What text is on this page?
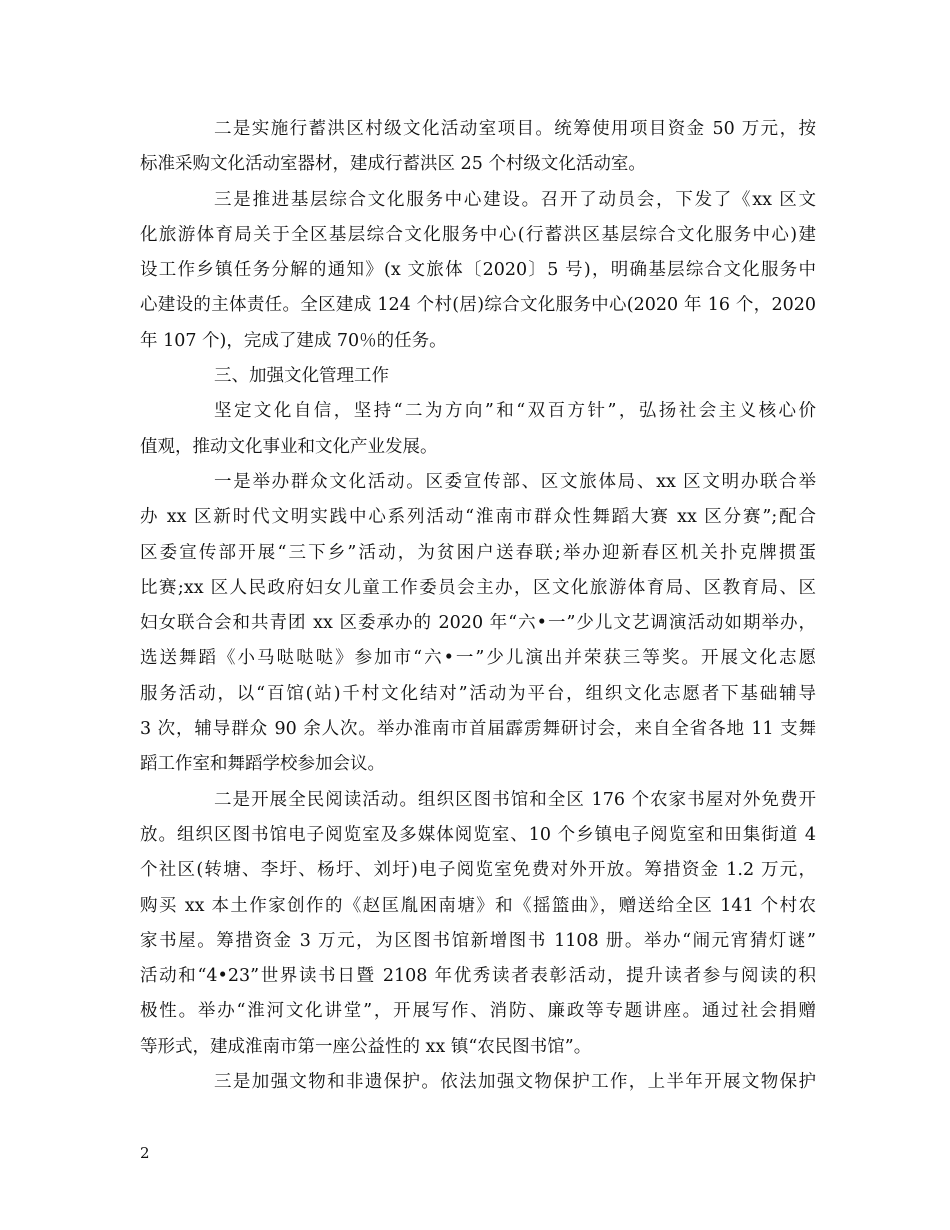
二是实施行蓄洪区村级文化活动室项目。统筹使用项目资金 50 万元，按
标准采购文化活动室器材，建成行蓄洪区 25 个村级文化活动室。
三是推进基层综合文化服务中心建设。召开了动员会，下发了《xx 区文
化旅游体育局关于全区基层综合文化服务中心(行蓄洪区基层综合文化服务中心)建
设工作乡镇任务分解的通知》(x 文旅体〔2020〕5 号)，明确基层综合文化服务中
心建设的主体责任。全区建成 124 个村(居)综合文化服务中心(2020 年 16 个，2020
年 107 个)，完成了建成 70％的任务。
三、加强文化管理工作
坚定文化自信，坚持“二为方向”和“双百方针”，弘扬社会主义核心价
值观，推动文化事业和文化产业发展。
一是举办群众文化活动。区委宣传部、区文旅体局、xx 区文明办联合举
办 xx 区新时代文明实践中心系列活动“淮南市群众性舞蹈大赛 xx 区分赛”;配合
区委宣传部开展“三下乡”活动，为贫困户送春联;举办迎新春区机关扑克牌掼蛋
比赛;xx 区人民政府妇女儿童工作委员会主办，区文化旅游体育局、区教育局、区
妇女联合会和共青团 xx 区委承办的 2020 年“六•一”少儿文艺调演活动如期举办，
选送舞蹈《小马哒哒哒》参加市“六•一”少儿演出并荣获三等奖。开展文化志愿
服务活动，以“百馆(站)千村文化结对”活动为平台，组织文化志愿者下基础辅导
3 次，辅导群众 90 余人次。举办淮南市首届霹雳舞研讨会，来自全省各地 11 支舞
蹈工作室和舞蹈学校参加会议。
二是开展全民阅读活动。组织区图书馆和全区 176 个农家书屋对外免费开
放。组织区图书馆电子阅览室及多媒体阅览室、10 个乡镇电子阅览室和田集街道 4
个社区(转塘、李圩、杨圩、刘圩)电子阅览室免费对外开放。筹措资金 1.2 万元，
购买 xx 本土作家创作的《赵匡胤困南塘》和《摇篮曲》，赠送给全区 141 个村农
家书屋。筹措资金 3 万元，为区图书馆新增图书 1108 册。举办“闹元宵猜灯谜”
活动和“4•23”世界读书日暨 2108 年优秀读者表彰活动，提升读者参与阅读的积
极性。举办“淮河文化讲堂”，开展写作、消防、廉政等专题讲座。通过社会捐赠
等形式，建成淮南市第一座公益性的 xx 镇“农民图书馆”。
三是加强文物和非遗保护。依法加强文物保护工作，上半年开展文物保护
2
